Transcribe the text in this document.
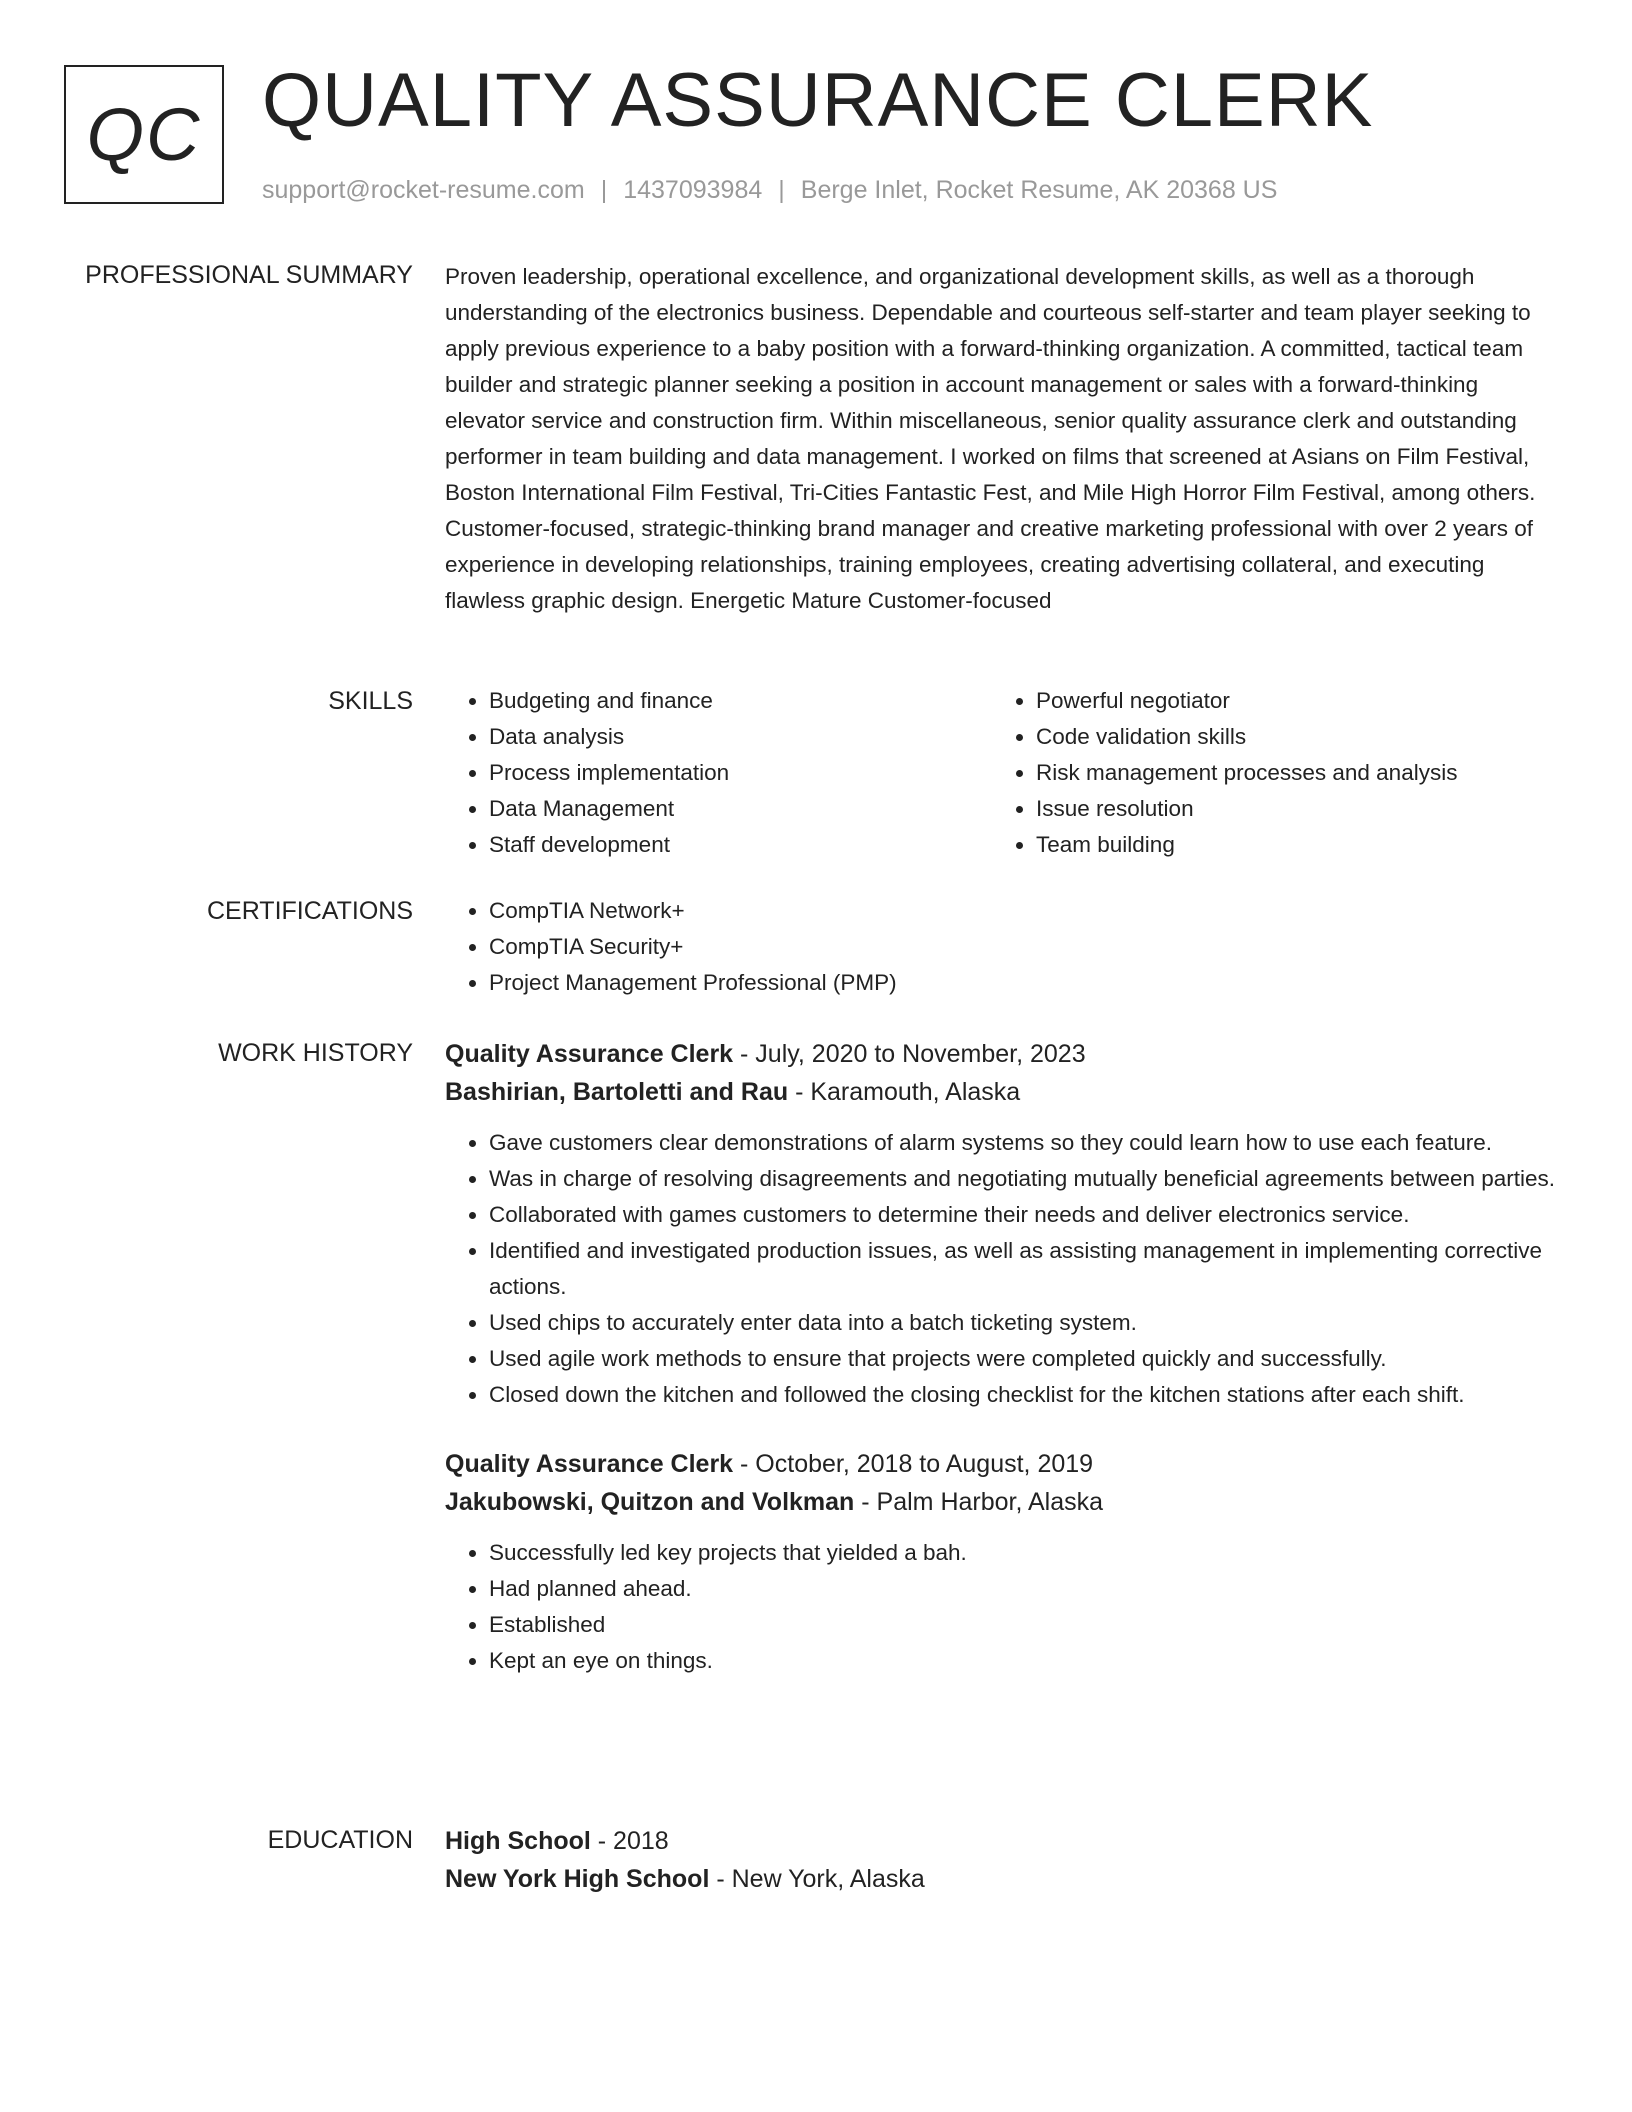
QC QUALITY ASSURANCE CLERK
support@rocket-resume.com | 1437093984 | Berge Inlet, Rocket Resume, AK 20368 US
PROFESSIONAL SUMMARY Proven leadership, operational excellence, and organizational development skills, as well as a thorough understanding of the electronics business. Dependable and courteous self-starter and team player seeking to apply previous experience to a baby position with a forward-thinking organization. A committed, tactical team builder and strategic planner seeking a position in account management or sales with a forward-thinking elevator service and construction firm. Within miscellaneous, senior quality assurance clerk and outstanding performer in team building and data management. I worked on films that screened at Asians on Film Festival, Boston International Film Festival, Tri-Cities Fantastic Fest, and Mile High Horror Film Festival, among others. Customer-focused, strategic-thinking brand manager and creative marketing professional with over 2 years of experience in developing relationships, training employees, creating advertising collateral, and executing flawless graphic design. Energetic Mature Customer-focused

SKILLS	• Budgeting and finance
• Data analysis
• Process implementation
• Data Management
• Staff development
• Powerful negotiator
• Code validation skills
• Risk management processes and analysis
• Issue resolution
• Team building
CERTIFICATIONS	• CompTIA Network+
• CompTIA Security+
• Project Management Professional (PMP)
WORK HISTORY Quality Assurance Clerk - July, 2020 to November, 2023
Bashirian, Bartoletti and Rau - Karamouth, Alaska
• Gave customers clear demonstrations of alarm systems so they could learn how to use each feature.
• Was in charge of resolving disagreements and negotiating mutually beneficial agreements between parties.
• Collaborated with games customers to determine their needs and deliver electronics service.
• Identified and investigated production issues, as well as assisting management in implementing corrective actions.
• Used chips to accurately enter data into a batch ticketing system.
• Used agile work methods to ensure that projects were completed quickly and successfully.
• Closed down the kitchen and followed the closing checklist for the kitchen stations after each shift.
Quality Assurance Clerk - October, 2018 to August, 2019
Jakubowski, Quitzon and Volkman - Palm Harbor, Alaska
• Successfully led key projects that yielded a bah.
• Had planned ahead.
• Established
• Kept an eye on things.
EDUCATION High School - 2018
New York High School - New York, Alaska
